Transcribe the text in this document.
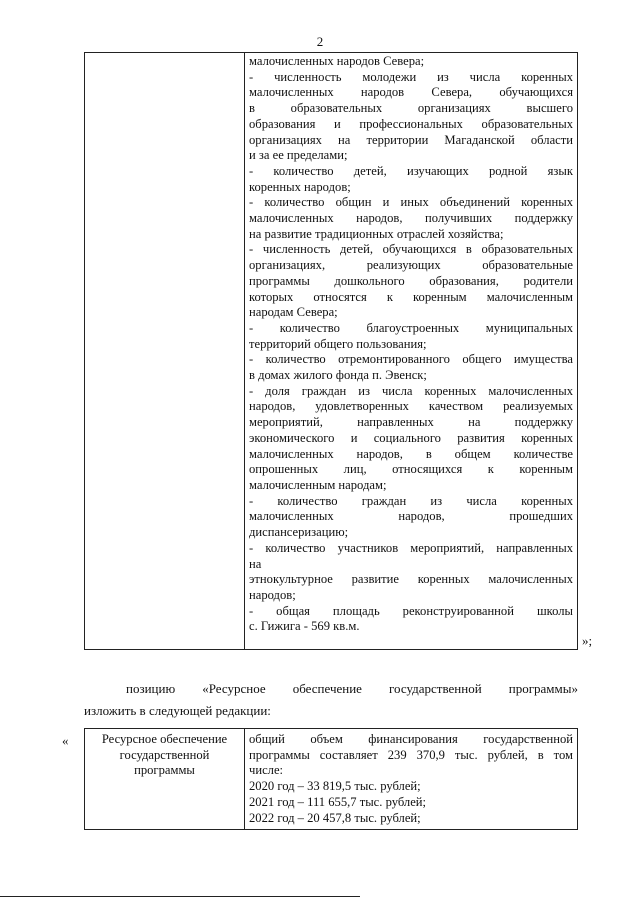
2
малочисленных народов Севера;
- численность молодежи из числа коренных
малочисленных народов Севера, обучающихся
в образовательных организациях высшего
образования и профессиональных образовательных
организациях на территории Магаданской области
и за ее пределами;
- количество детей, изучающих родной язык
коренных народов;
- количество общин и иных объединений коренных
малочисленных народов, получивших поддержку
на развитие традиционных отраслей хозяйства;
- численность детей, обучающихся в образовательных
организациях, реализующих образовательные
программы дошкольного образования, родители
которых относятся к коренным малочисленным
народам Севера;
- количество благоустроенных муниципальных
территорий общего пользования;
- количество отремонтированного общего имущества
в домах жилого фонда п. Эвенск;
- доля граждан из числа коренных малочисленных
народов, удовлетворенных качеством реализуемых
мероприятий, направленных на поддержку
экономического и социального развития коренных
малочисленных народов, в общем количестве
опрошенных лиц, относящихся к коренным
малочисленным народам;
- количество граждан из числа коренных
малочисленных народов, прошедших
диспансеризацию;
- количество участников мероприятий, направленных
на
этнокультурное развитие коренных малочисленных
народов;
- общая площадь реконструированной школы
с. Гижига - 569 кв.м.
»;
позицию «Ресурсное обеспечение государственной программы»
изложить в следующей редакции:
«	Ресурсное обеспечение
государственной
программы
общий объем финансирования государственной
программы составляет 239 370,9 тыс. рублей, в том
числе:
2020 год – 33 819,5 тыс. рублей;
2021 год – 111 655,7 тыс. рублей;
2022 год – 20 457,8 тыс. рублей;
